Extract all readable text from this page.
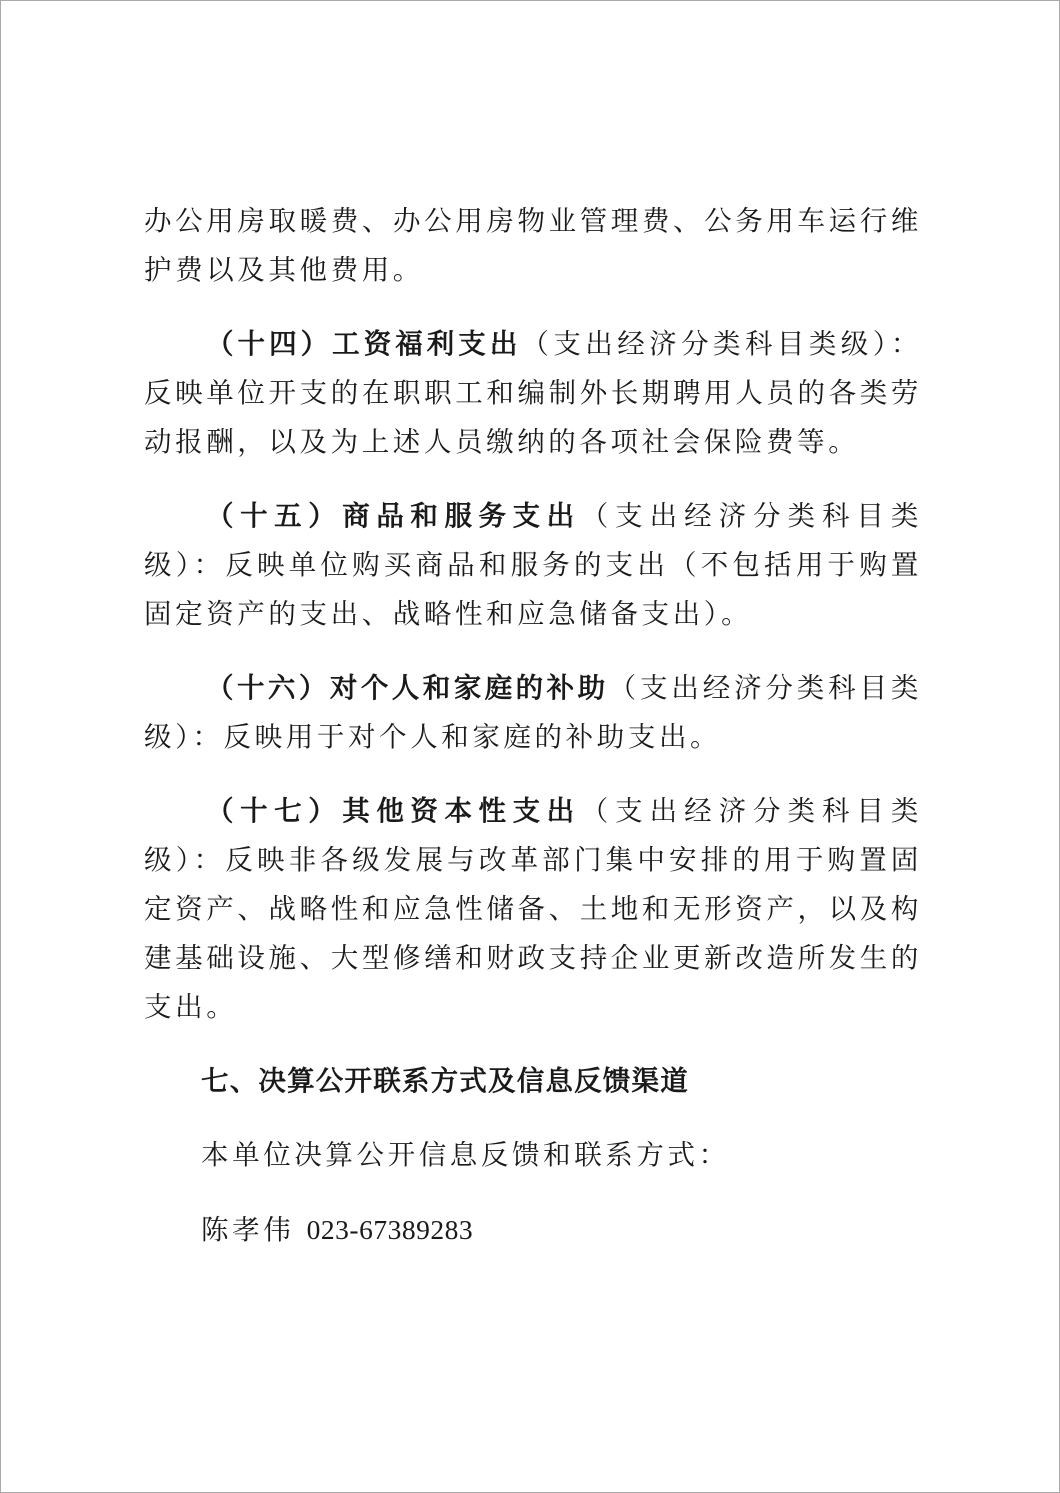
办公用房取暖费、办公用房物业管理费、公务用车运行维护费以及其他费用。

（十四）工资福利支出（支出经济分类科目类级）：反映单位开支的在职职工和编制外长期聘用人员的各类劳动报酬，以及为上述人员缴纳的各项社会保险费等。

（十五）商品和服务支出（支出经济分类科目类级）：反映单位购买商品和服务的支出（不包括用于购置固定资产的支出、战略性和应急储备支出）。

（十六）对个人和家庭的补助（支出经济分类科目类级）：反映用于对个人和家庭的补助支出。

（十七）其他资本性支出（支出经济分类科目类级）：反映非各级发展与改革部门集中安排的用于购置固定资产、战略性和应急性储备、土地和无形资产，以及构建基础设施、大型修缮和财政支持企业更新改造所发生的支出。

七、决算公开联系方式及信息反馈渠道

本单位决算公开信息反馈和联系方式：

陈孝伟 023-67389283
